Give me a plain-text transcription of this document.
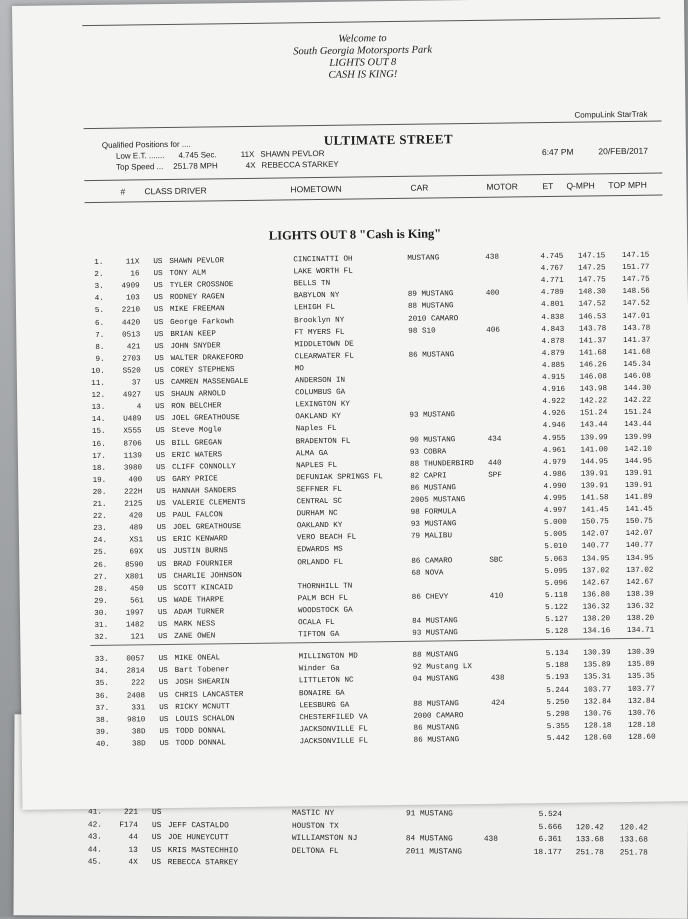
41.	221 US	MASTIC NY	91 MUSTANG	5.524
42.	F174 US JEFF CASTALDO	HOUSTON TX	5.666	120.42	120.42
43.	44 US JOE HUNEYCUTT	WILLIAMSTON NJ	84 MUSTANG	438	6.361	133.68	133.68
44.	13 US KRIS MASTECHHIO	DELTONA FL	2011 MUSTANG	18.177	251.78	251.78
45.	4X US REBECCA STARKEY
Welcome to
South Georgia Motorsports Park
LIGHTS OUT 8
CASH IS KING!
CompuLink StarTrak
Qualified Positions for ....
Low E.T. ....... 4.745 Sec.	11X SHAWN PEVLOR
Top Speed ... 251.78 MPH	4X REBECCA STARKEY
ULTIMATE STREET
6:47 PM	20/FEB/2017
# CLASS DRIVER	HOMETOWN	CAR	MOTOR	ET Q-MPH TOP MPH
LIGHTS OUT 8 "Cash is King"
1.	11X US SHAWN PEVLOR	CINCINATTI OH	MUSTANG	438	4.745	147.15	147.15
2.	16 US TONY ALM	LAKE WORTH FL	4.767	147.25	151.77
3.	4909 US TYLER CROSSNOE	BELLS TN	4.771	147.75	147.75
4.	103 US RODNEY RAGEN	BABYLON NY	89 MUSTANG	400	4.789	148.30	148.56
5.	2210 US MIKE FREEMAN	LEHIGH FL	88 MUSTANG	4.801	147.52	147.52
6.	4420 US George Farkowh	Brooklyn NY	2010 CAMARO	4.838	146.53	147.01
7.	0513 US BRIAN KEEP	FT MYERS FL	98 S10	406	4.843	143.78	143.78
8.	421 US JOHN SNYDER	MIDDLETOWN DE	4.878	141.37	141.37
9.	2703 US WALTER DRAKEFORD	CLEARWATER FL	86 MUSTANG	4.879	141.68	141.68
10.	S520 US COREY STEPHENS	MO	4.885	146.26	145.34
11.	37 US CAMREN MASSENGALE	ANDERSON IN	4.915	146.08	146.08
12.	4927 US SHAUN ARNOLD	COLUMBUS GA	4.916	143.98	144.30
13.	4 US RON BELCHER	LEXINGTON KY	4.922	142.22	142.22
14.	U489 US JOEL GREATHOUSE	OAKLAND KY	93 MUSTANG	4.926	151.24	151.24
15.	X555 US Steve Mogle	Naples FL	4.946	143.44	143.44
16.	8706 US BILL GREGAN	BRADENTON FL	90 MUSTANG	434	4.955	139.99	139.99
17.	1139 US ERIC WATERS	ALMA GA	93 COBRA	4.961	141.00	142.10
18.	3980 US CLIFF CONNOLLY	NAPLES FL	88 THUNDERBIRD 440	4.979	144.95	144.95
19.	400 US GARY PRICE	DEFUNIAK SPRINGS FL	82 CAPRI	SPF	4.986	139.91	139.91
20.	222H US HANNAH SANDERS	SEFFNER FL	86 MUSTANG	4.990	139.91	139.91
21.	2125 US VALERIE CLEMENTS	CENTRAL SC	2005 MUSTANG	4.995	141.58	141.89
22.	420 US PAUL FALCON	DURHAM NC	98 FORMULA	4.997	141.45	141.45
23.	489 US JOEL GREATHOUSE	OAKLAND KY	93 MUSTANG	5.000	150.75	150.75
24.	XS1 US ERIC KENWARD	VERO BEACH FL	79 MALIBU	5.005	142.07	142.07
25.	69X US JUSTIN BURNS	EDWARDS MS	5.010	140.77	140.77
26.	8590 US BRAD FOURNIER	ORLANDO FL	86 CAMARO	SBC	5.063	134.95	134.95
27.	X801 US CHARLIE JOHNSON	68 NOVA	5.095	137.02	137.02
28.	450 US SCOTT KINCAID	THORNHILL TN	5.096	142.67	142.67
29.	561 US WADE THARPE	PALM BCH FL	86 CHEVY	410	5.118	136.80	138.39
30.	1997 US ADAM TURNER	WOODSTOCK GA	5.122	136.32	136.32
31.	1482 US MARK NESS	OCALA FL	84 MUSTANG	5.127	138.20	138.20
32.	121 US ZANE OWEN	TIFTON GA	93 MUSTANG	5.128	134.16	134.71
33.	0057 US MIKE ONEAL	MILLINGTON MD	88 MUSTANG	5.134	130.39	130.39
34.	2814 US Bart Tobener	Winder Ga	92 Mustang LX	5.188	135.89	135.89
35.	222 US JOSH SHEARIN	LITTLETON NC	04 MUSTANG	438	5.193	135.31	135.35
36.	2408 US CHRIS LANCASTER	BONAIRE GA	5.244	103.77	103.77
37.	331 US RICKY MCNUTT	LEESBURG GA	88 MUSTANG	424	5.250	132.84	132.84
38.	9810 US LOUIS SCHALON	CHESTERFILED VA	2000 CAMARO	5.298	130.76	130.76
39.	38D US TODD DONNAL	JACKSONVILLE FL	86 MUSTANG	5.355	128.18	128.18
40.	38D US TODD DONNAL	JACKSONVILLE FL	86 MUSTANG	5.442	128.60	128.60
